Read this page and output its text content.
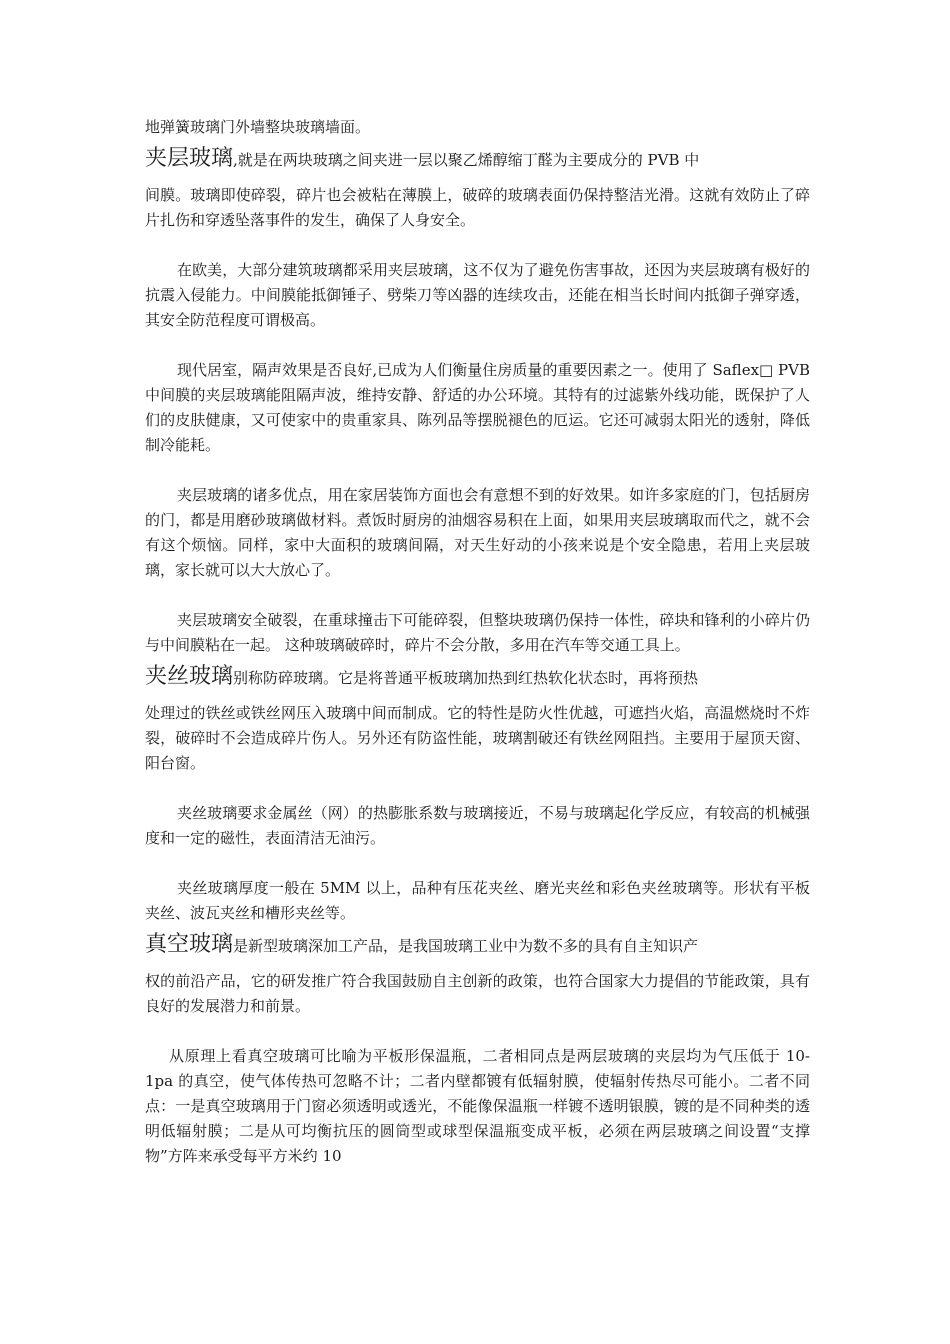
地弹簧玻璃门外墙整块玻璃墙面。

夹层玻璃,就是在两块玻璃之间夹进一层以聚乙烯醇缩丁醛为主要成分的 PVB 中
间膜。玻璃即使碎裂，碎片也会被粘在薄膜上，破碎的玻璃表面仍保持整洁光滑。这就有效防止了碎片扎伤和穿透坠落事件的发生，确保了人身安全。

在欧美，大部分建筑玻璃都采用夹层玻璃，这不仅为了避免伤害事故，还因为夹层玻璃有极好的抗震入侵能力。中间膜能抵御锤子、劈柴刀等凶器的连续攻击，还能在相当长时间内抵御子弹穿透，其安全防范程度可谓极高。

现代居室，隔声效果是否良好,已成为人们衡量住房质量的重要因素之一。使用了 Saflex□ PVB中间膜的夹层玻璃能阻隔声波，维持安静、舒适的办公环境。其特有的过滤紫外线功能，既保护了人们的皮肤健康，又可使家中的贵重家具、陈列品等摆脱褪色的厄运。它还可减弱太阳光的透射，降低制冷能耗。

夹层玻璃的诸多优点，用在家居装饰方面也会有意想不到的好效果。如许多家庭的门，包括厨房的门，都是用磨砂玻璃做材料。煮饭时厨房的油烟容易积在上面，如果用夹层玻璃取而代之，就不会有这个烦恼。同样，家中大面积的玻璃间隔，对天生好动的小孩来说是个安全隐患，若用上夹层玻璃，家长就可以大大放心了。

夹层玻璃安全破裂，在重球撞击下可能碎裂，但整块玻璃仍保持一体性，碎块和锋利的小碎片仍与中间膜粘在一起。 这种玻璃破碎时，碎片不会分散，多用在汽车等交通工具上。

夹丝玻璃别称防碎玻璃。它是将普通平板玻璃加热到红热软化状态时，再将预热
处理过的铁丝或铁丝网压入玻璃中间而制成。它的特性是防火性优越，可遮挡火焰，高温燃烧时不炸裂，破碎时不会造成碎片伤人。另外还有防盗性能，玻璃割破还有铁丝网阻挡。主要用于屋顶天窗、阳台窗。

夹丝玻璃要求金属丝（网）的热膨胀系数与玻璃接近，不易与玻璃起化学反应，有较高的机械强度和一定的磁性，表面清洁无油污。

夹丝玻璃厚度一般在 5MM 以上，品种有压花夹丝、磨光夹丝和彩色夹丝玻璃等。形状有平板夹丝、波瓦夹丝和槽形夹丝等。

真空玻璃是新型玻璃深加工产品，是我国玻璃工业中为数不多的具有自主知识产
权的前沿产品，它的研发推广符合我国鼓励自主创新的政策，也符合国家大力提倡的节能政策，具有良好的发展潜力和前景。

从原理上看真空玻璃可比喻为平板形保温瓶，二者相同点是两层玻璃的夹层均为气压低于 10-1pa 的真空，使气体传热可忽略不计；二者内壁都镀有低辐射膜，使辐射传热尽可能小。二者不同点：一是真空玻璃用于门窗必须透明或透光，不能像保温瓶一样镀不透明银膜，镀的是不同种类的透明低辐射膜；二是从可均衡抗压的圆筒型或球型保温瓶变成平板，必须在两层玻璃之间设置“支撑物”方阵来承受每平方米约 10
